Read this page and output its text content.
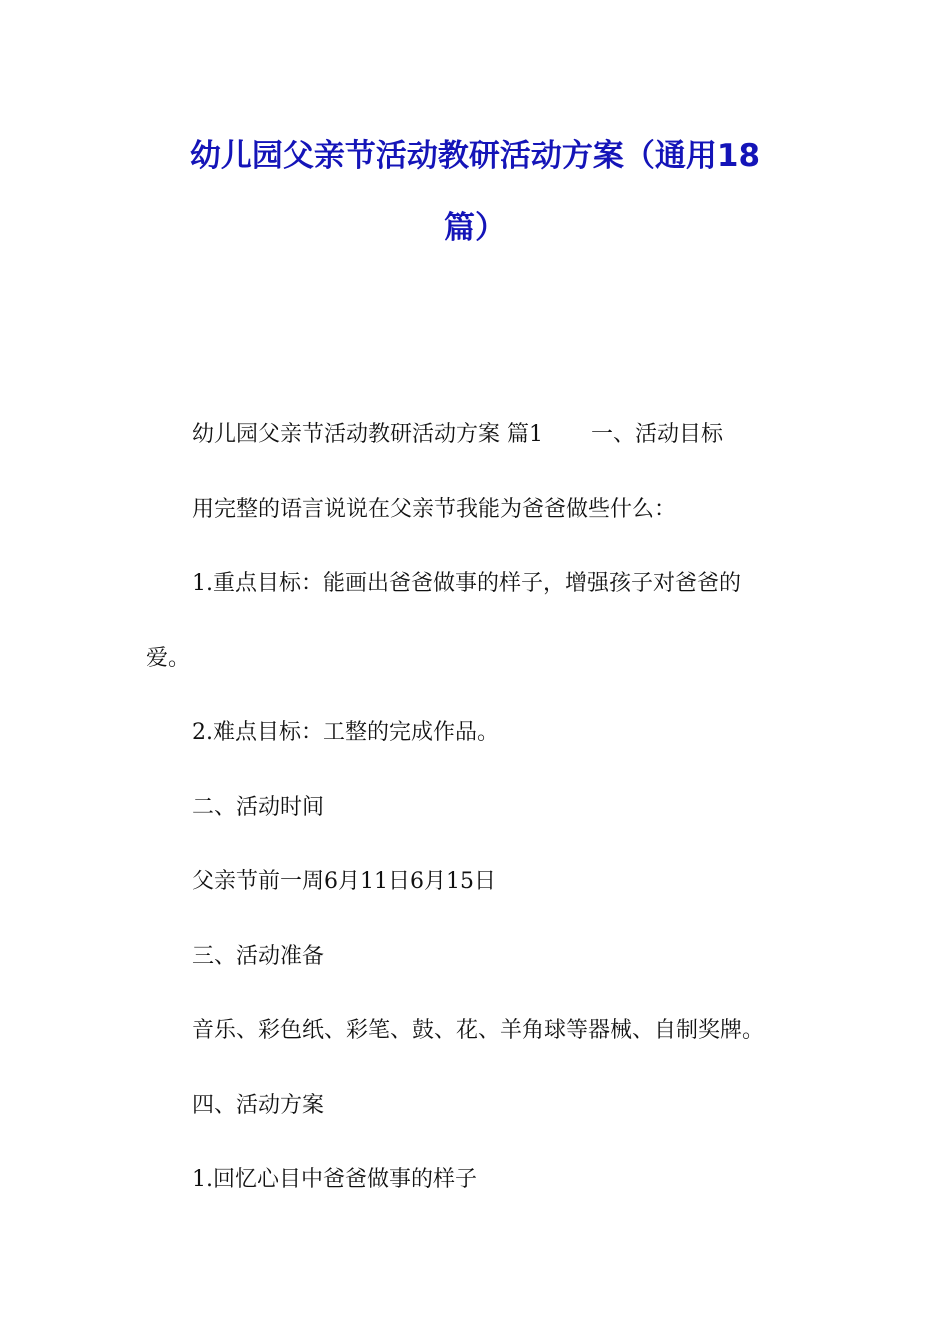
幼儿园父亲节活动教研活动方案（通用18
篇）
幼儿园父亲节活动教研活动方案 篇1 一、活动目标
用完整的语言说说在父亲节我能为爸爸做些什么：
1.重点目标：能画出爸爸做事的样子，增强孩子对爸爸的
爱。
2.难点目标：工整的完成作品。
二、活动时间
父亲节前一周6月11日6月15日
三、活动准备
音乐、彩色纸、彩笔、鼓、花、羊角球等器械、自制奖牌。
四、活动方案
1.回忆心目中爸爸做事的样子
